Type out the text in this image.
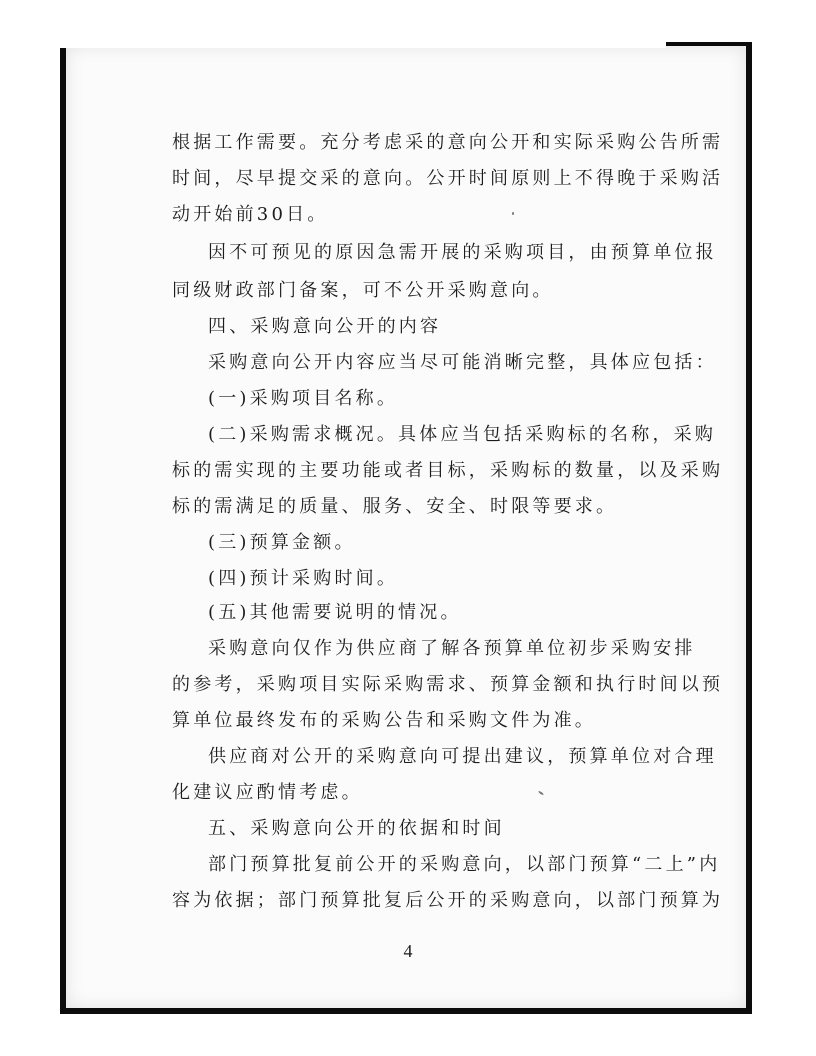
根据工作需要。充分考虑采的意向公开和实际采购公告所需
时间，尽早提交采的意向。公开时间原则上不得晚于采购活
动开始前30日。
因不可预见的原因急需开展的采购项目，由预算单位报
同级财政部门备案，可不公开采购意向。
四、采购意向公开的内容
采购意向公开内容应当尽可能消晰完整，具体应包括：
(一)采购项目名称。
(二)采购需求概况。具体应当包括采购标的名称，采购
标的需实现的主要功能或者目标，采购标的数量，以及采购
标的需满足的质量、服务、安全、时限等要求。
(三)预算金额。
(四)预计采购时间。
(五)其他需要说明的情况。
采购意向仅作为供应商了解各预算单位初步采购安排
的参考，采购项目实际采购需求、预算金额和执行时间以预
算单位最终发布的采购公告和采购文件为准。
供应商对公开的采购意向可提出建议，预算单位对合理
化建议应酌情考虑。
五、采购意向公开的依据和时间
部门预算批复前公开的采购意向，以部门预算“二上”内
容为依据；部门预算批复后公开的采购意向，以部门预算为
4
